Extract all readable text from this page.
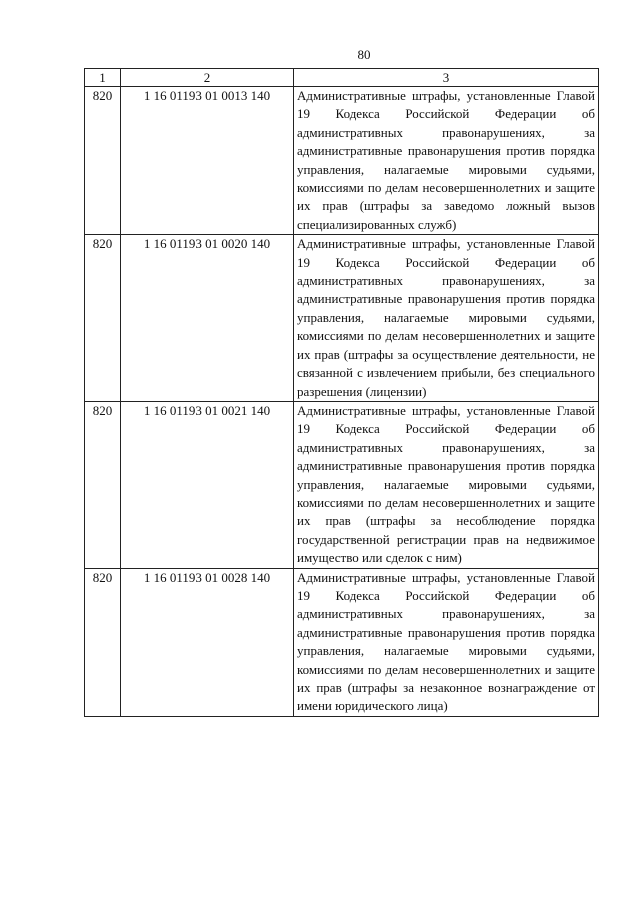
80
1	2	3
820	1 16 01193 01 0013 140	Административные штрафы, установленные Главой 19 Кодекса Российской Федерации об административных правонарушениях, за административные правонарушения против порядка управления, налагаемые мировыми судьями, комиссиями по делам несовершеннолетних и защите их прав (штрафы за заведомо ложный вызов специализированных служб)
820	1 16 01193 01 0020 140	Административные штрафы, установленные Главой 19 Кодекса Российской Федерации об административных правонарушениях, за административные правонарушения против порядка управления, налагаемые мировыми судьями, комиссиями по делам несовершеннолетних и защите их прав (штрафы за осуществление деятельности, не связанной с извлечением прибыли, без специального разрешения (лицензии)
820	1 16 01193 01 0021 140	Административные штрафы, установленные Главой 19 Кодекса Российской Федерации об административных правонарушениях, за административные правонарушения против порядка управления, налагаемые мировыми судьями, комиссиями по делам несовершеннолетних и защите их прав (штрафы за несоблюдение порядка государственной регистрации прав на недвижимое имущество или сделок с ним)
820	1 16 01193 01 0028 140	Административные штрафы, установленные Главой 19 Кодекса Российской Федерации об административных правонарушениях, за административные правонарушения против порядка управления, налагаемые мировыми судьями, комиссиями по делам несовершеннолетних и защите их прав (штрафы за незаконное вознаграждение от имени юридического лица)
